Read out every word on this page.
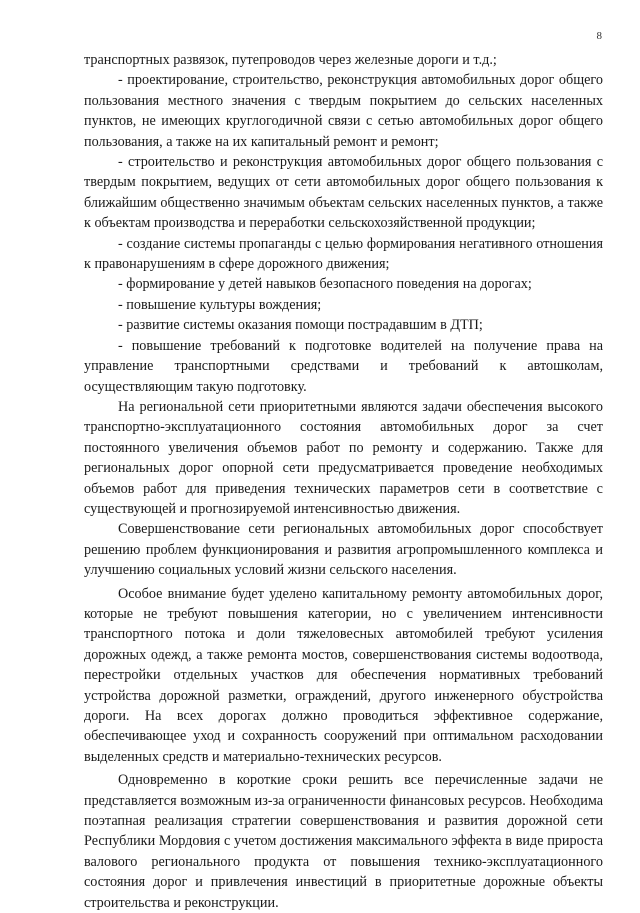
8

транспортных развязок, путепроводов через железные дороги и т.д.;

- проектирование, строительство, реконструкция автомобильных дорог общего пользования местного значения с твердым покрытием до сельских населенных пунктов, не имеющих круглогодичной связи с сетью автомобильных дорог общего пользования, а также на их капитальный ремонт и ремонт;

- строительство и реконструкция автомобильных дорог общего пользования с твердым покрытием, ведущих от сети автомобильных дорог общего пользования к ближайшим общественно значимым объектам сельских населенных пунктов, а также к объектам производства и переработки сельскохозяйственной продукции;

- создание системы пропаганды с целью формирования негативного отношения к правонарушениям в сфере дорожного движения;

- формирование у детей навыков безопасного поведения на дорогах;

- повышение культуры вождения;

- развитие системы оказания помощи пострадавшим в ДТП;

- повышение требований к подготовке водителей на получение права на управление транспортными средствами и требований к автошколам, осуществляющим такую подготовку.

На региональной сети приоритетными являются задачи обеспечения высокого транспортно-эксплуатационного состояния автомобильных дорог за счет постоянного увеличения объемов работ по ремонту и содержанию. Также для региональных дорог опорной сети предусматривается проведение необходимых объемов работ для приведения технических параметров сети в соответствие с существующей и прогнозируемой интенсивностью движения.

Совершенствование сети региональных автомобильных дорог способствует решению проблем функционирования и развития агропромышленного комплекса и улучшению социальных условий жизни сельского населения.

Особое внимание будет уделено капитальному ремонту автомобильных дорог, которые не требуют повышения категории, но с увеличением интенсивности транспортного потока и доли тяжеловесных автомобилей требуют усиления дорожных одежд, а также ремонта мостов, совершенствования системы водоотвода, перестройки отдельных участков для обеспечения нормативных требований устройства дорожной разметки, ограждений, другого инженерного обустройства дороги. На всех дорогах должно проводиться эффективное содержание, обеспечивающее уход и сохранность сооружений при оптимальном расходовании выделенных средств и материально-технических ресурсов.

Одновременно в короткие сроки решить все перечисленные задачи не представляется возможным из-за ограниченности финансовых ресурсов. Необходима поэтапная реализация стратегии совершенствования и развития дорожной сети Республики Мордовия с учетом достижения максимального эффекта в виде прироста валового регионального продукта от повышения технико-эксплуатационного состояния дорог и привлечения инвестиций в приоритетные дорожные объекты строительства и реконструкции.
